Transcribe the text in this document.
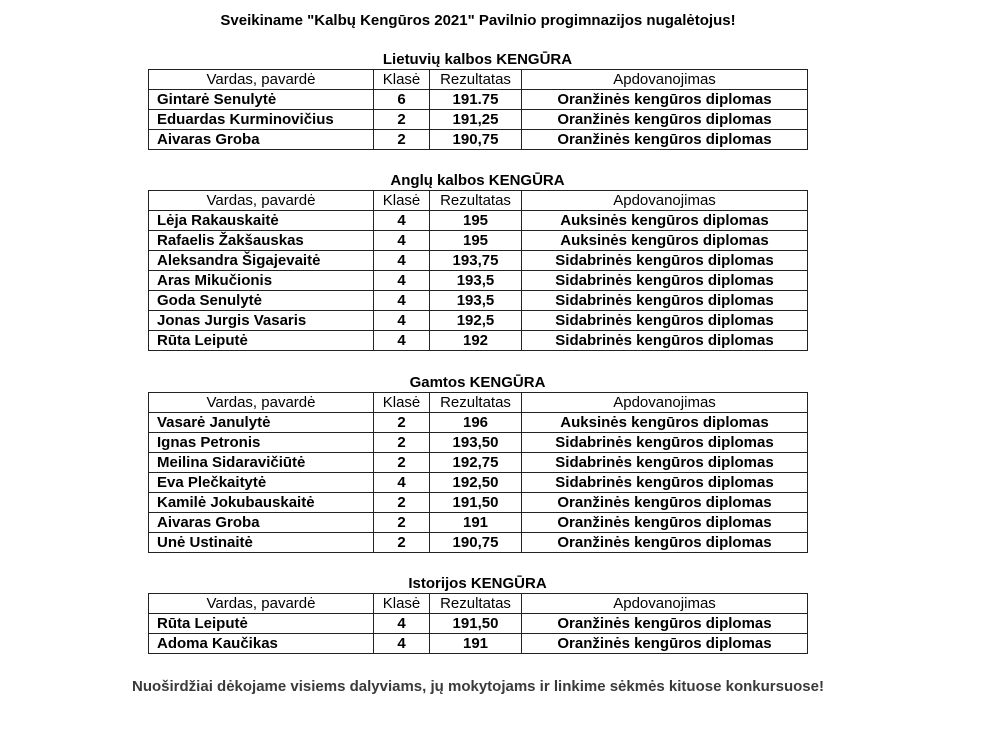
Sveikiname "Kalbų Kengūros 2021" Pavilnio progimnazijos nugalėtojus!
Lietuvių kalbos KENGŪRA
Vardas, pavardė	Klasė	Rezultatas	Apdovanojimas
Gintarė Senulytė	6	191.75	Oranžinės kengūros diplomas
Eduardas Kurminovičius	2	191,25	Oranžinės kengūros diplomas
Aivaras Groba	2	190,75	Oranžinės kengūros diplomas
Anglų kalbos KENGŪRA
Vardas, pavardė	Klasė	Rezultatas	Apdovanojimas
Lėja Rakauskaitė	4	195	Auksinės kengūros diplomas
Rafaelis Žakšauskas	4	195	Auksinės kengūros diplomas
Aleksandra Šigajevaitė	4	193,75	Sidabrinės kengūros diplomas
Aras Mikučionis	4	193,5	Sidabrinės kengūros diplomas
Goda Senulytė	4	193,5	Sidabrinės kengūros diplomas
Jonas Jurgis Vasaris	4	192,5	Sidabrinės kengūros diplomas
Rūta Leiputė	4	192	Sidabrinės kengūros diplomas
Gamtos KENGŪRA
Vardas, pavardė	Klasė	Rezultatas	Apdovanojimas
Vasarė Janulytė	2	196	Auksinės kengūros diplomas
Ignas Petronis	2	193,50	Sidabrinės kengūros diplomas
Meilina Sidaravičiūtė	2	192,75	Sidabrinės kengūros diplomas
Eva Plečkaitytė	4	192,50	Sidabrinės kengūros diplomas
Kamilė Jokubauskaitė	2	191,50	Oranžinės kengūros diplomas
Aivaras Groba	2	191	Oranžinės kengūros diplomas
Unė Ustinaitė	2	190,75	Oranžinės kengūros diplomas
Istorijos KENGŪRA
Vardas, pavardė	Klasė	Rezultatas	Apdovanojimas
Rūta Leiputė	4	191,50	Oranžinės kengūros diplomas
Adoma Kaučikas	4	191	Oranžinės kengūros diplomas
Nuoširdžiai dėkojame visiems dalyviams, jų mokytojams ir linkime sėkmės kituose konkursuose!
